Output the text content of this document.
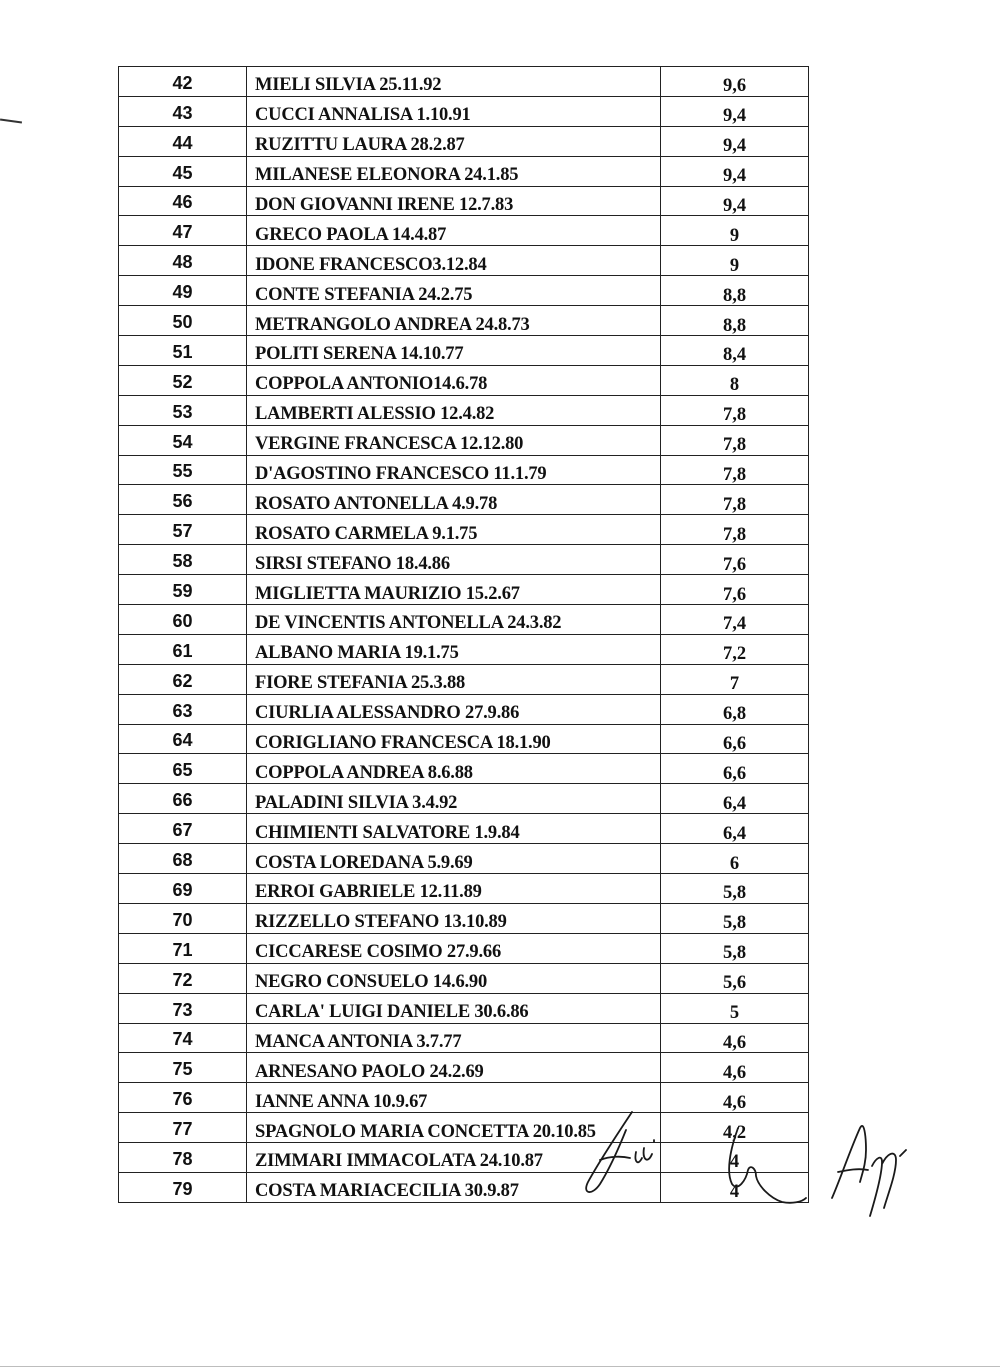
42	MIELI SILVIA 25.11.92	9,6
43	CUCCI ANNALISA 1.10.91	9,4
44	RUZITTU LAURA 28.2.87	9,4
45	MILANESE ELEONORA 24.1.85	9,4
46	DON GIOVANNI IRENE 12.7.83	9,4
47	GRECO PAOLA 14.4.87	9
48	IDONE FRANCESCO3.12.84	9
49	CONTE STEFANIA 24.2.75	8,8
50	METRANGOLO ANDREA 24.8.73	8,8
51	POLITI SERENA 14.10.77	8,4
52	COPPOLA ANTONIO14.6.78	8
53	LAMBERTI ALESSIO 12.4.82	7,8
54	VERGINE FRANCESCA 12.12.80	7,8
55	D'AGOSTINO FRANCESCO 11.1.79	7,8
56	ROSATO ANTONELLA 4.9.78	7,8
57	ROSATO CARMELA 9.1.75	7,8
58	SIRSI STEFANO 18.4.86	7,6
59	MIGLIETTA MAURIZIO 15.2.67	7,6
60	DE VINCENTIS ANTONELLA 24.3.82	7,4
61	ALBANO MARIA 19.1.75	7,2
62	FIORE STEFANIA 25.3.88	7
63	CIURLIA ALESSANDRO 27.9.86	6,8
64	CORIGLIANO FRANCESCA 18.1.90	6,6
65	COPPOLA ANDREA 8.6.88	6,6
66	PALADINI SILVIA 3.4.92	6,4
67	CHIMIENTI SALVATORE 1.9.84	6,4
68	COSTA LOREDANA 5.9.69	6
69	ERROI GABRIELE 12.11.89	5,8
70	RIZZELLO STEFANO 13.10.89	5,8
71	CICCARESE COSIMO 27.9.66	5,8
72	NEGRO CONSUELO 14.6.90	5,6
73	CARLA' LUIGI DANIELE 30.6.86	5
74	MANCA ANTONIA 3.7.77	4,6
75	ARNESANO PAOLO 24.2.69	4,6
76	IANNE ANNA 10.9.67	4,6
77	SPAGNOLO MARIA CONCETTA 20.10.85	4,2
78	ZIMMARI IMMACOLATA 24.10.87	4
79	COSTA MARIACECILIA 30.9.87	4
